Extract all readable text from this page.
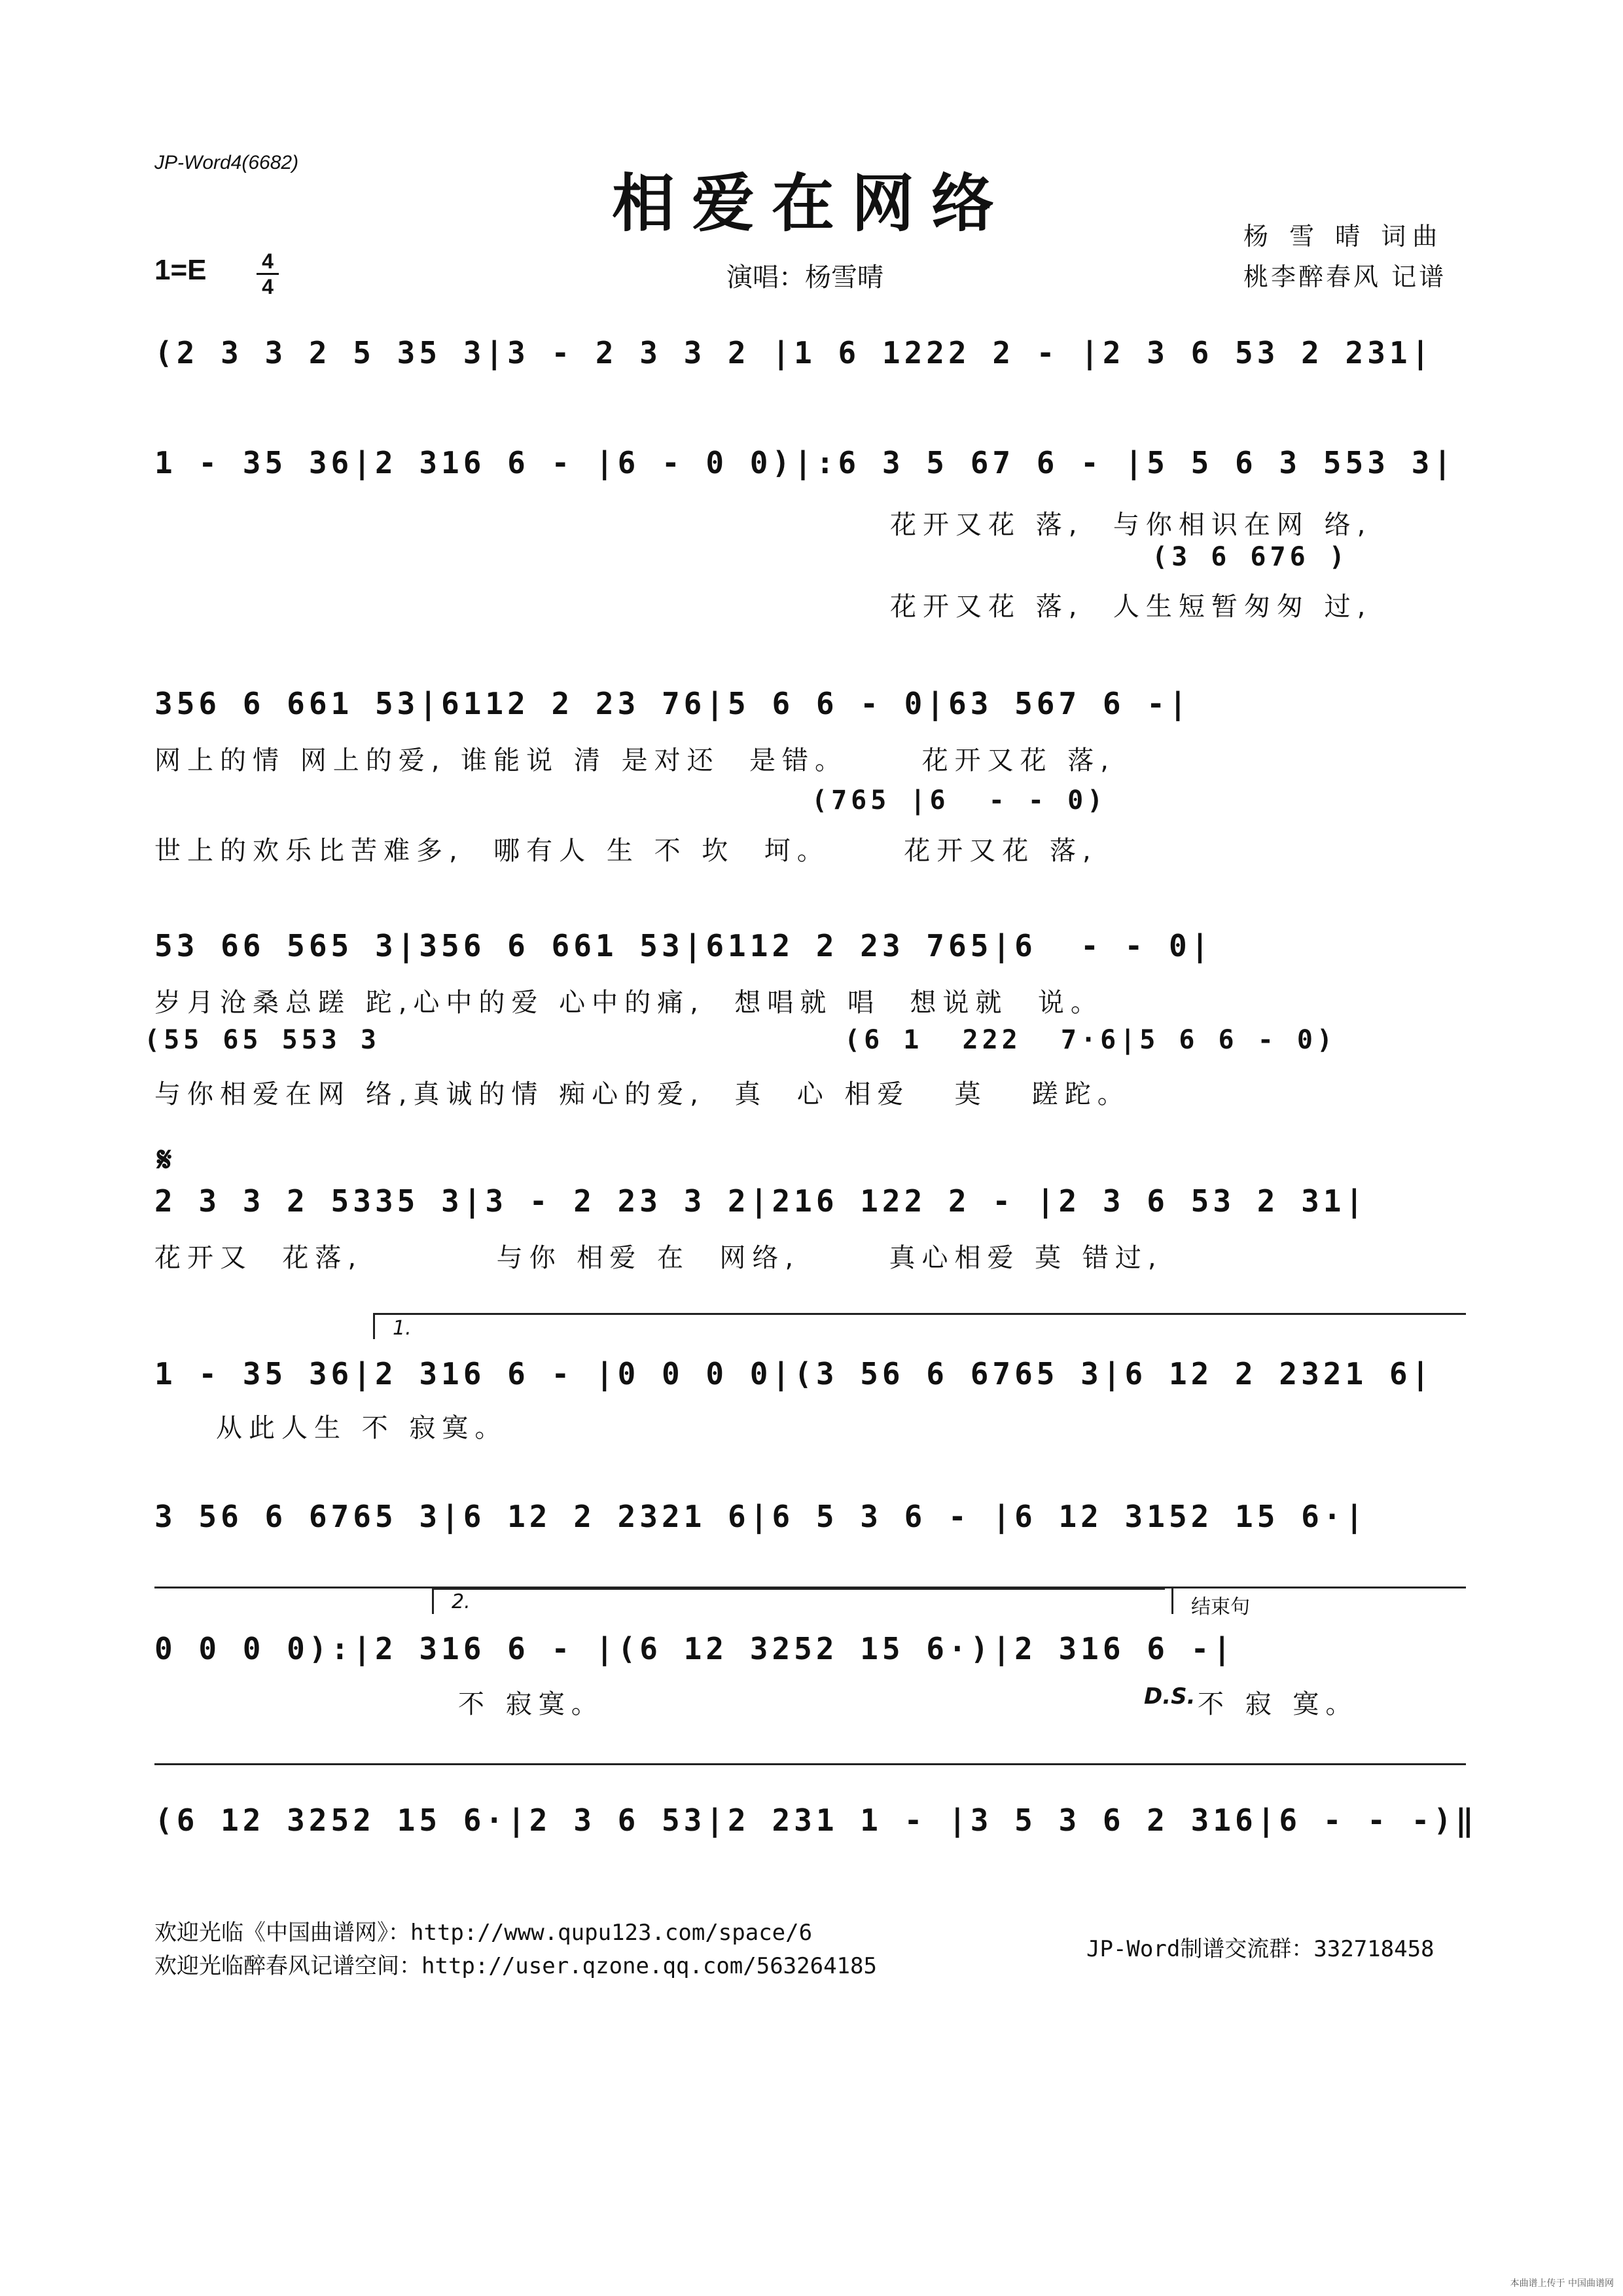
JP-Word4(6682)
相爱在网络	杨 雪 晴 词曲
桃李醉春风 记谱
演唱：杨雪晴
1=E	4
4
(2 3 3 2 5 35 3|3 - 2 3 3 2 |1 6 1222 2 - |2 3 6 53 2 231|
1 - 35 36|2 316 6 - |6 - 0 0)|:6 3 5 67 6 - |5 5 6 3 553 3|
花开又花 落,  与你相识在网 络,
(3 6 676 )
花开又花 落,  人生短暂匆匆 过,
356 6 661 53|6112 2 23 76|5 6 6 - 0|63 567 6 -|
网上的情 网上的爱, 谁能说 清 是对还  是错。     花开又花 落,
(765 |6  - - 0)
世上的欢乐比苦难多,  哪有人 生 不 坎  坷。     花开又花 落,
53 66 565 3|356 6 661 53|6112 2 23 765|6  - - 0|
岁月沧桑总蹉 跎,心中的爱 心中的痛,  想唱就 唱  想说就  说。
(55 65 553 3	(6 1  222  7·6|5 6 6 - 0)
与你相爱在网 络,真诚的情 痴心的爱,  真  心 相爱   莫   蹉跎。
𝄋
2 3 3 2 5335 3|3 - 2 23 3 2|216 122 2 - |2 3 6 53 2 31|
花开又  花落,         与你 相爱 在  网络,      真心相爱 莫 错过,
1.
1 - 35 36|2 316 6 - |0 0 0 0|(3 56 6 6765 3|6 12 2 2321 6|
从此人生 不 寂寞。
3 56 6 6765 3|6 12 2 2321 6|6 5 3 6 - |6 12 3152 15 6·|
2.	结束句
0 0 0 0):|2 316 6 - |(6 12 3252 15 6·)|2 316 6 -|
不 寂寞。	D.S. 不 寂 寞。
(6 12 3252 15 6·|2 3 6 53|2 231 1 - |3 5 3 6 2 316|6 - - -)‖
欢迎光临《中国曲谱网》：http://www.qupu123.com/space/6
欢迎光临醉春风记谱空间：http://user.qzone.qq.com/563264185
JP-Word制谱交流群：332718458
本曲谱上传于 中国曲谱网
